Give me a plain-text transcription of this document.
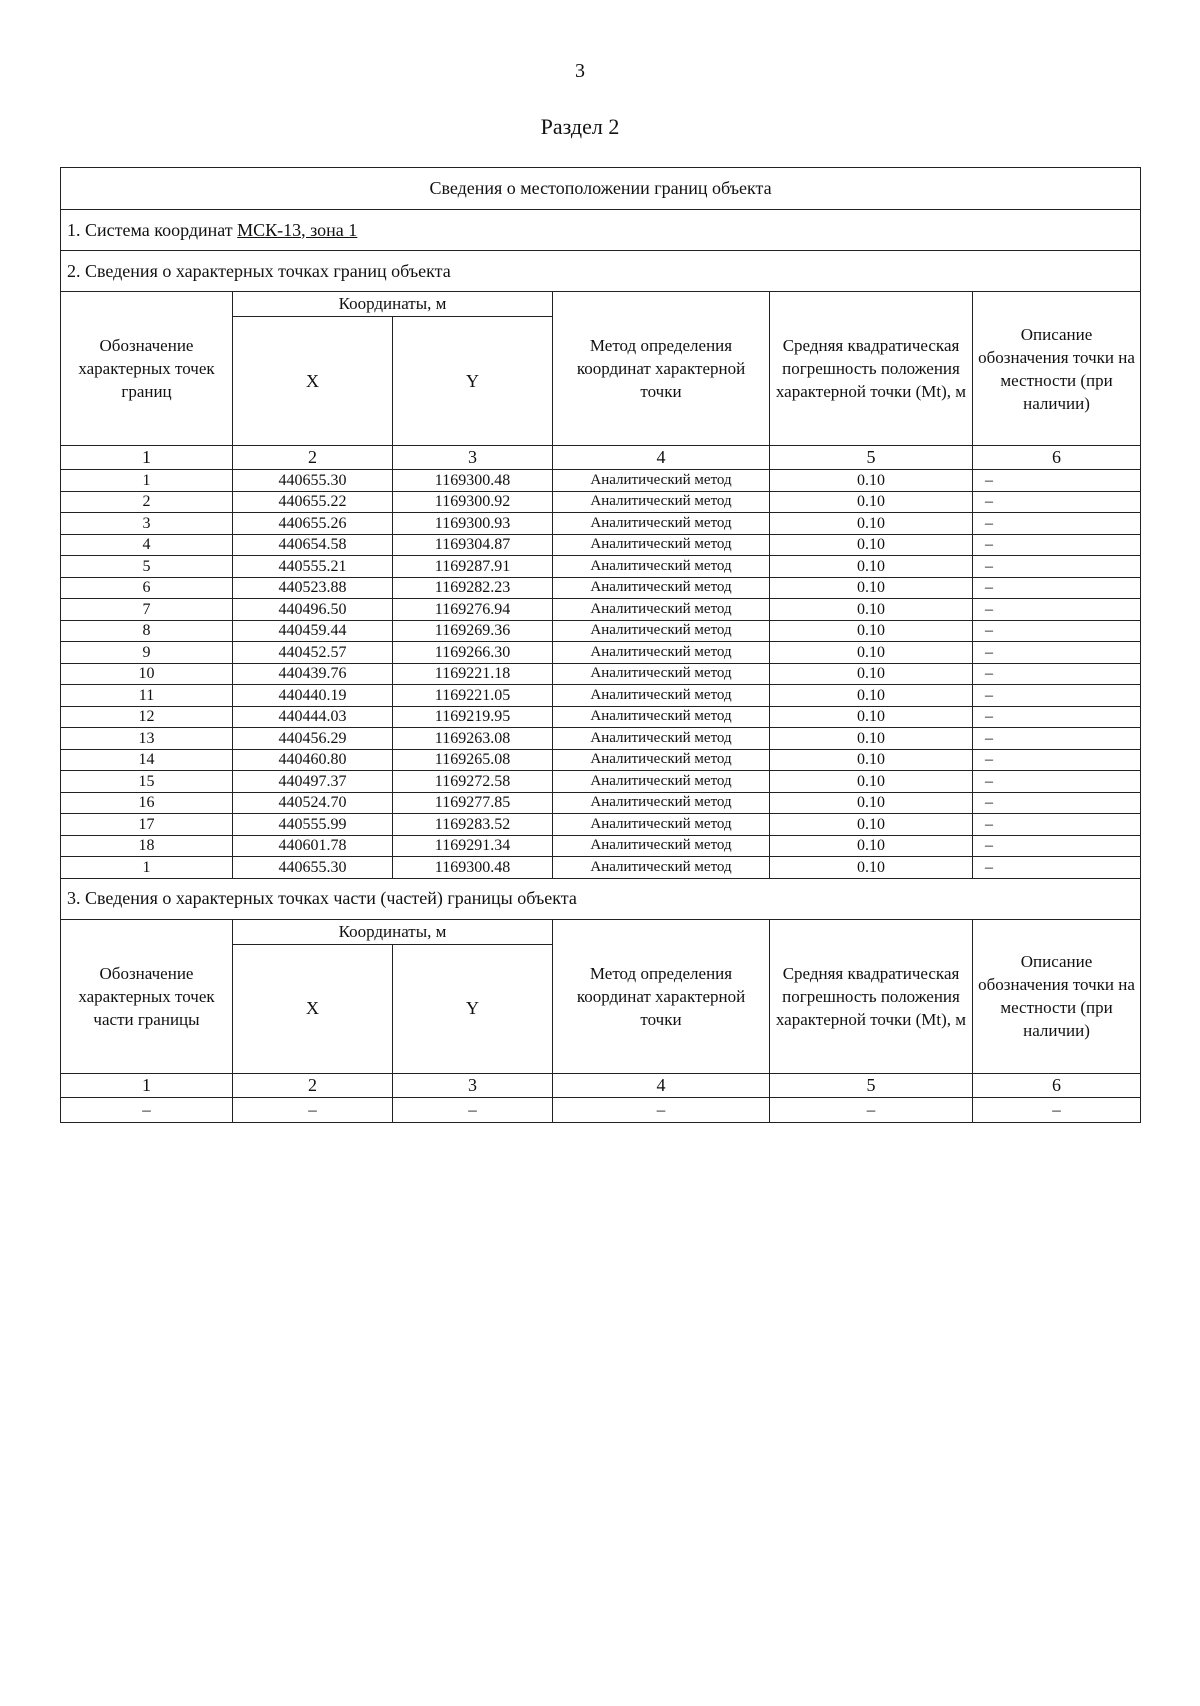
3
Раздел 2
Сведения о местоположении границ объекта					
1. Система координат МСК-13, зона 1					
2. Сведения о характерных точках границ объекта					
Обозначение характерных точек границ	Координаты, м		Метод определения координат характерной точки	Средняя квадратическая погрешность положения характерной точки (Mt), м	Описание обозначения точки на местности (при наличии)
	X	Y			
1	2	3	4	5	6
1	440655.30	1169300.48	Аналитический метод	0.10	–
2	440655.22	1169300.92	Аналитический метод	0.10	–
3	440655.26	1169300.93	Аналитический метод	0.10	–
4	440654.58	1169304.87	Аналитический метод	0.10	–
5	440555.21	1169287.91	Аналитический метод	0.10	–
6	440523.88	1169282.23	Аналитический метод	0.10	–
7	440496.50	1169276.94	Аналитический метод	0.10	–
8	440459.44	1169269.36	Аналитический метод	0.10	–
9	440452.57	1169266.30	Аналитический метод	0.10	–
10	440439.76	1169221.18	Аналитический метод	0.10	–
11	440440.19	1169221.05	Аналитический метод	0.10	–
12	440444.03	1169219.95	Аналитический метод	0.10	–
13	440456.29	1169263.08	Аналитический метод	0.10	–
14	440460.80	1169265.08	Аналитический метод	0.10	–
15	440497.37	1169272.58	Аналитический метод	0.10	–
16	440524.70	1169277.85	Аналитический метод	0.10	–
17	440555.99	1169283.52	Аналитический метод	0.10	–
18	440601.78	1169291.34	Аналитический метод	0.10	–
1	440655.30	1169300.48	Аналитический метод	0.10	–
3. Сведения о характерных точках части (частей) границы объекта					
Обозначение характерных точек части границы	Координаты, м		Метод определения координат характерной точки	Средняя квадратическая погрешность положения характерной точки (Mt), м	Описание обозначения точки на местности (при наличии)
	X	Y			
1	2	3	4	5	6
–	–	–	–	–	–
